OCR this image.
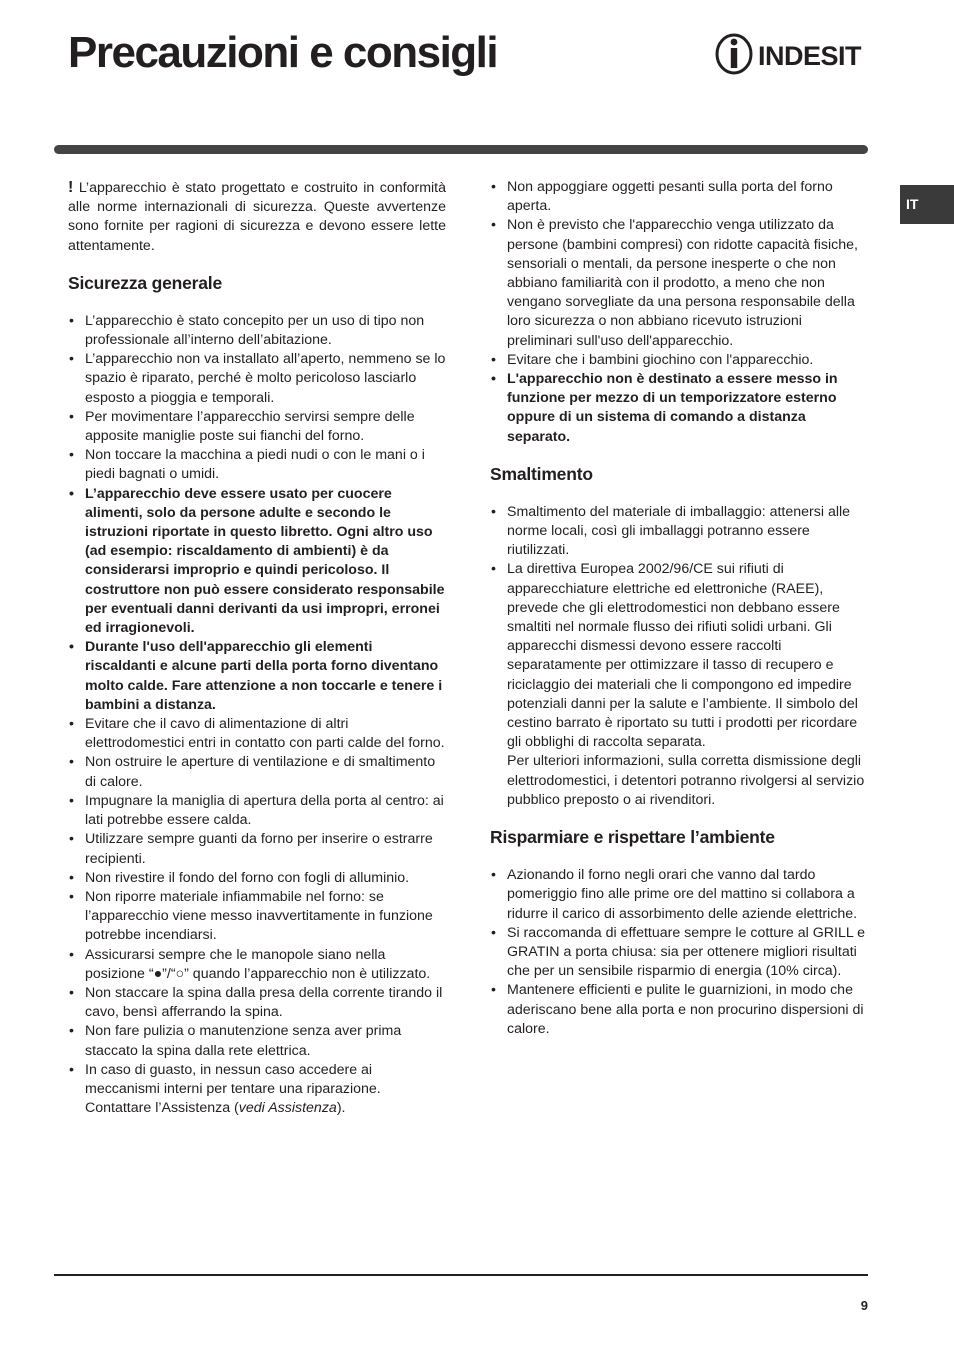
Precauzioni e consigli	INDESIT
IT

! L’apparecchio è stato progettato e costruito in conformità alle norme internazionali di sicurezza. Queste avvertenze sono fornite per ragioni di sicurezza e devono essere lette attentamente.

Sicurezza generale
• L’apparecchio è stato concepito per un uso di tipo non professionale all’interno dell’abitazione.
• L’apparecchio non va installato all’aperto, nemmeno se lo spazio è riparato, perché è molto pericoloso lasciarlo esposto a pioggia e temporali.
• Per movimentare l’apparecchio servirsi sempre delle apposite maniglie poste sui fianchi del forno.
• Non toccare la macchina a piedi nudi o con le mani o i piedi bagnati o umidi.
• L’apparecchio deve essere usato per cuocere alimenti, solo da persone adulte e secondo le istruzioni riportate in questo libretto. Ogni altro uso (ad esempio: riscaldamento di ambienti) è da considerarsi improprio e quindi pericoloso. Il costruttore non può essere considerato responsabile per eventuali danni derivanti da usi impropri, erronei ed irragionevoli.
• Durante l'uso dell'apparecchio gli elementi riscaldanti e alcune parti della porta forno diventano molto calde. Fare attenzione a non toccarle e tenere i bambini a distanza.
• Evitare che il cavo di alimentazione di altri elettrodomestici entri in contatto con parti calde del forno.
• Non ostruire le aperture di ventilazione e di smaltimento di calore.
• Impugnare la maniglia di apertura della porta al centro: ai lati potrebbe essere calda.
• Utilizzare sempre guanti da forno per inserire o estrarre recipienti.
• Non rivestire il fondo del forno con fogli di alluminio.
• Non riporre materiale infiammabile nel forno: se l’apparecchio viene messo inavvertitamente in funzione potrebbe incendiarsi.
• Assicurarsi sempre che le manopole siano nella posizione “●”/“○” quando l’apparecchio non è utilizzato.
• Non staccare la spina dalla presa della corrente tirando il cavo, bensì afferrando la spina.
• Non fare pulizia o manutenzione senza aver prima staccato la spina dalla rete elettrica.
• In caso di guasto, in nessun caso accedere ai meccanismi interni per tentare una riparazione. Contattare l’Assistenza (vedi Assistenza).
• Non appoggiare oggetti pesanti sulla porta del forno aperta.
• Non è previsto che l'apparecchio venga utilizzato da persone (bambini compresi) con ridotte capacità fisiche, sensoriali o mentali, da persone inesperte o che non abbiano familiarità con il prodotto, a meno che non vengano sorvegliate da una persona responsabile della loro sicurezza o non abbiano ricevuto istruzioni preliminari sull'uso dell'apparecchio.
• Evitare che i bambini giochino con l'apparecchio.
• L'apparecchio non è destinato a essere messo in funzione per mezzo di un temporizzatore esterno oppure di un sistema di comando a distanza separato.
Smaltimento
• Smaltimento del materiale di imballaggio: attenersi alle norme locali, così gli imballaggi potranno essere riutilizzati.
• La direttiva Europea 2002/96/CE sui rifiuti di apparecchiature elettriche ed elettroniche (RAEE), prevede che gli elettrodomestici non debbano essere smaltiti nel normale flusso dei rifiuti solidi urbani. Gli apparecchi dismessi devono essere raccolti separatamente per ottimizzare il tasso di recupero e riciclaggio dei materiali che li compongono ed impedire potenziali danni per la salute e l’ambiente. Il simbolo del cestino barrato è riportato su tutti i prodotti per ricordare gli obblighi di raccolta separata.
Per ulteriori informazioni, sulla corretta dismissione degli elettrodomestici, i detentori potranno rivolgersi al servizio pubblico preposto o ai rivenditori.
Risparmiare e rispettare l’ambiente
• Azionando il forno negli orari che vanno dal tardo pomeriggio fino alle prime ore del mattino si collabora a ridurre il carico di assorbimento delle aziende elettriche.
• Si raccomanda di effettuare sempre le cotture al GRILL e GRATIN a porta chiusa: sia per ottenere migliori risultati che per un sensibile risparmio di energia (10% circa).
• Mantenere efficienti e pulite le guarnizioni, in modo che aderiscano bene alla porta e non procurino dispersioni di calore.
9
